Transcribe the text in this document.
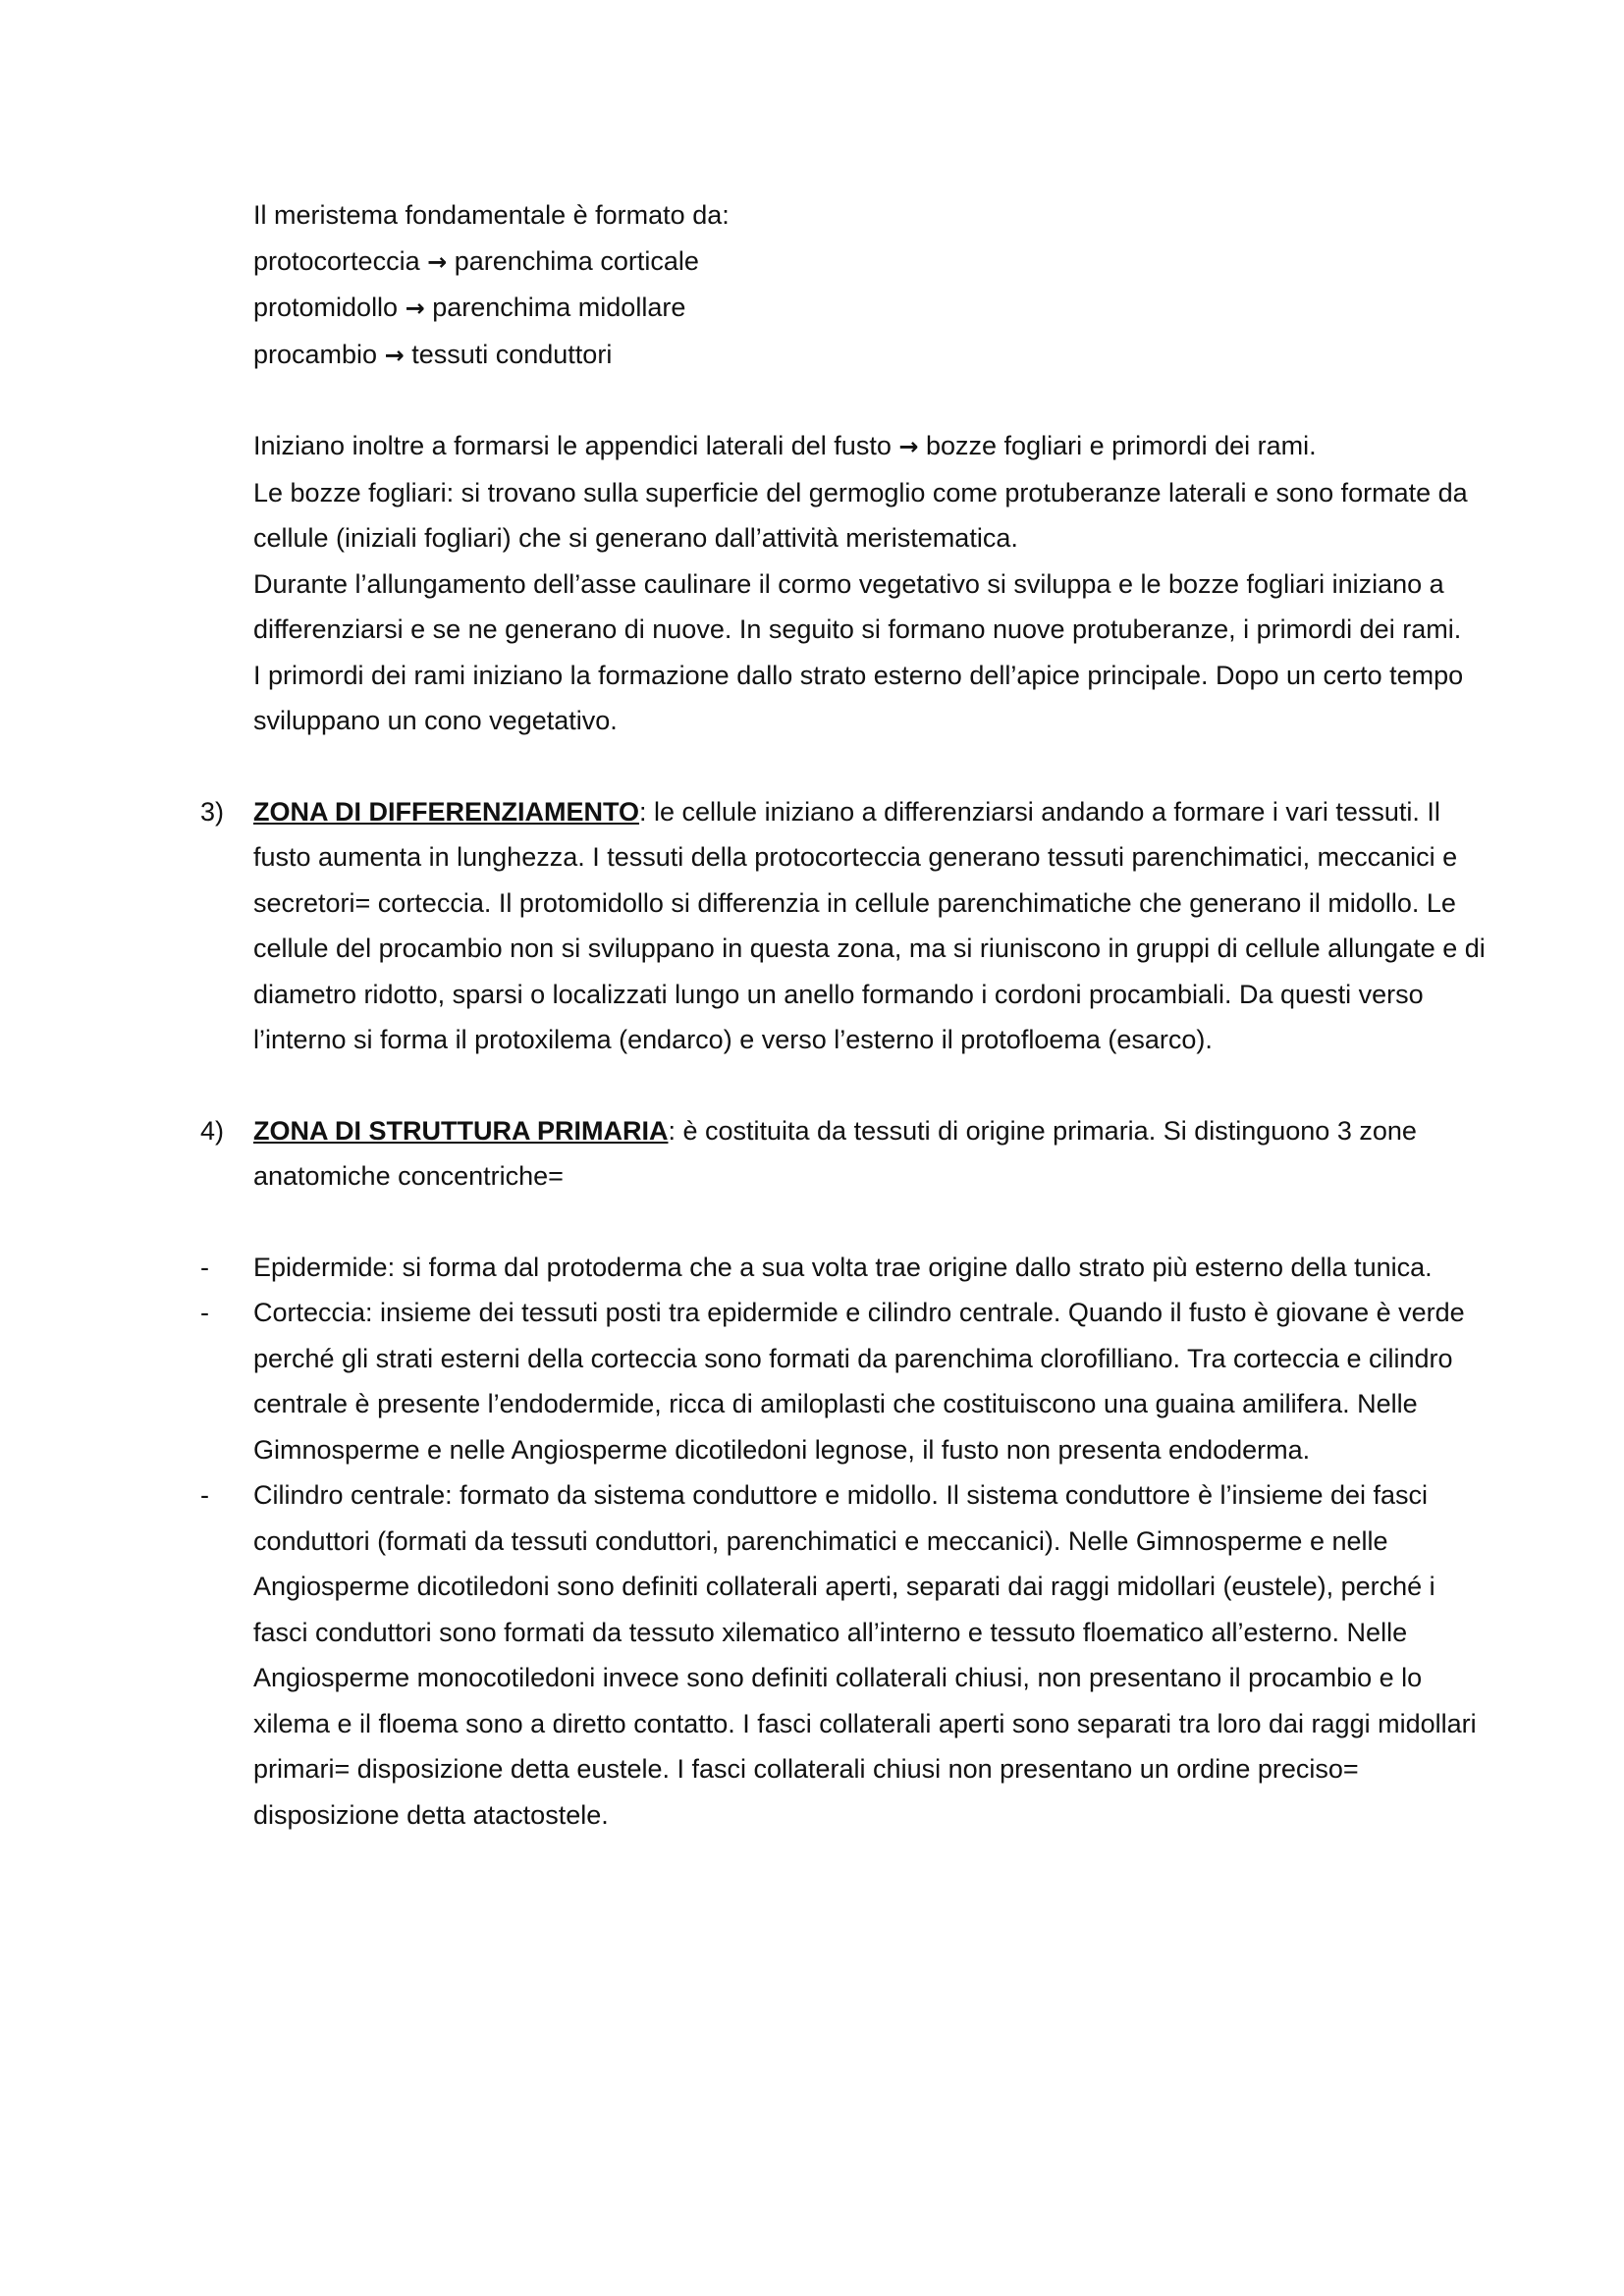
Il meristema fondamentale è formato da:
protocorteccia → parenchima corticale
protomidollo → parenchima midollare
procambio → tessuti conduttori
Iniziano inoltre a formarsi le appendici laterali del fusto → bozze fogliari e primordi dei rami.
Le bozze fogliari: si trovano sulla superficie del germoglio come protuberanze laterali e sono formate da cellule (iniziali fogliari) che si generano dall’attività meristematica.
Durante l’allungamento dell’asse caulinare il cormo vegetativo si sviluppa e le bozze fogliari iniziano a differenziarsi e se ne generano di nuove. In seguito si formano nuove protuberanze, i primordi dei rami.
I primordi dei rami iniziano la formazione dallo strato esterno dell’apice principale. Dopo un certo tempo sviluppano un cono vegetativo.
3) ZONA DI DIFFERENZIAMENTO: le cellule iniziano a differenziarsi andando a formare i vari tessuti. Il fusto aumenta in lunghezza. I tessuti della protocorteccia generano tessuti parenchimatici, meccanici e secretori= corteccia. Il protomidollo si differenzia in cellule parenchimatiche che generano il midollo. Le cellule del procambio non si sviluppano in questa zona, ma si riuniscono in gruppi di cellule allungate e di diametro ridotto, sparsi o localizzati lungo un anello formando i cordoni procambiali. Da questi verso l’interno si forma il protoxilema (endarco) e verso l’esterno il protofloema (esarco).
4) ZONA DI STRUTTURA PRIMARIA: è costituita da tessuti di origine primaria. Si distinguono 3 zone anatomiche concentriche=
- Epidermide: si forma dal protoderma che a sua volta trae origine dallo strato più esterno della tunica.
- Corteccia: insieme dei tessuti posti tra epidermide e cilindro centrale. Quando il fusto è giovane è verde perché gli strati esterni della corteccia sono formati da parenchima clorofilliano. Tra corteccia e cilindro centrale è presente l’endodermide, ricca di amiloplasti che costituiscono una guaina amilifera. Nelle Gimnosperme e nelle Angiosperme dicotiledoni legnose, il fusto non presenta endoderma.
- Cilindro centrale: formato da sistema conduttore e midollo. Il sistema conduttore è l’insieme dei fasci conduttori (formati da tessuti conduttori, parenchimatici e meccanici). Nelle Gimnosperme e nelle Angiosperme dicotiledoni sono definiti collaterali aperti, separati dai raggi midollari (eustele), perché i fasci conduttori sono formati da tessuto xilematico all’interno e tessuto floematico all’esterno. Nelle Angiosperme monocotiledoni invece sono definiti collaterali chiusi, non presentano il procambio e lo xilema e il floema sono a diretto contatto. I fasci collaterali aperti sono separati tra loro dai raggi midollari primari= disposizione detta eustele. I fasci collaterali chiusi non presentano un ordine preciso= disposizione detta atactostele.
